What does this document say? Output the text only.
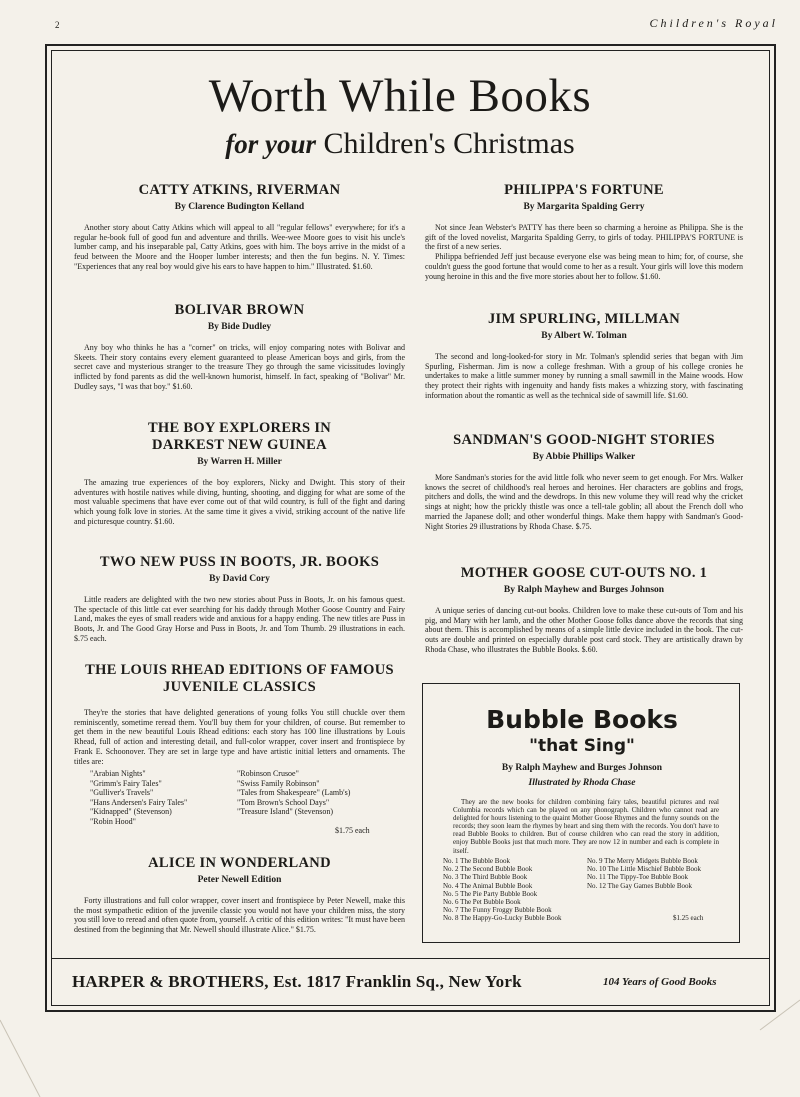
2	Children's Royal
Worth While Books
for your Children's Christmas
CATTY ATKINS, RIVERMAN
By Clarence Budington Kelland

Another story about Catty Atkins which will appeal to all "regular fellows" everywhere; for it's a regular he-book full of good fun and adventure and thrills. Wee-wee Moore goes to visit his uncle's lumber camp, and his inseparable pal, Catty Atkins, goes with him. The boys arrive in the midst of a feud between the Moore and the Hooper lumber interests; and then the fun begins. N. Y. Times: "Experiences that any real boy would give his ears to have happen to him." Illustrated. $1.60.

BOLIVAR BROWN
By Bide Dudley

Any boy who thinks he has a "corner" on tricks, will enjoy comparing notes with Bolivar and Skeets. Their story contains every element guaranteed to please American boys and girls, from the secret cave and mysterious stranger to the treasure They go through the same vicissitudes lovingly inflicted by fond parents as did the well-known humorist, himself. In fact, speaking of "Bolivar" Mr. Dudley says, "I was that boy." $1.60.

THE BOY EXPLORERS IN DARKEST NEW GUINEA
By Warren H. Miller

The amazing true experiences of the boy explorers, Nicky and Dwight. This story of their adventures with hostile natives while diving, hunting, shooting, and digging for what are some of the most valuable specimens that have ever come out of that wild country, is full of the fight and daring which young folk love in stories. At the same time it gives a vivid, striking account of the native life and picturesque country. $1.60.

TWO NEW PUSS IN BOOTS, JR. BOOKS
By David Cory

Little readers are delighted with the two new stories about Puss in Boots, Jr. on his famous quest. The spectacle of this little cat ever searching for his daddy through Mother Goose Country and Fairy Land, makes the eyes of small readers wide and anxious for a happy ending. The new titles are Puss in Boots, Jr. and The Good Gray Horse and Puss in Boots, Jr. and Tom Thumb. 29 illustrations in each. $.75 each.

THE LOUIS RHEAD EDITIONS OF FAMOUS JUVENILE CLASSICS

They're the stories that have delighted generations of young folks You still chuckle over them reminiscently, sometime reread them. You'll buy them for your children, of course. But remember to get them in the new beautiful Louis Rhead editions: each story has 100 line illustrations by Louis Rhead, full of action and interesting detail, and full-color wrapper, cover insert and frontispiece by Frank E. Schoonover. They are set in large type and have artistic initial letters and ornaments. The titles are:

"Arabian Nights"
"Grimm's Fairy Tales"
"Gulliver's Travels"
"Hans Andersen's Fairy Tales"
"Kidnapped" (Stevenson)
"Robin Hood"
"Robinson Crusoe"
"Swiss Family Robinson"
"Tales from Shakespeare" (Lamb's)
"Tom Brown's School Days"
"Treasure Island" (Stevenson)
$1.75 each
ALICE IN WONDERLAND
Peter Newell Edition

Forty illustrations and full color wrapper, cover insert and frontispiece by Peter Newell, make this the most sympathetic edition of the juvenile classic you would not have your children miss, the story you still love to reread and often quote from, yourself. A critic of this edition writes: "It must have been destined from the beginning that Mr. Newell should illustrate Alice." $1.75.

PHILIPPA'S FORTUNE
By Margarita Spalding Gerry

Not since Jean Webster's PATTY has there been so charming a heroine as Philippa. She is the gift of the loved novelist, Margarita Spalding Gerry, to girls of today. PHILIPPA'S FORTUNE is the first of a new series.

Philippa befriended Jeff just because everyone else was being mean to him; for, of course, she couldn't guess the good fortune that would come to her as a result. Your girls will love this modern young heroine in this and the five more stories about her to follow. $1.60.

JIM SPURLING, MILLMAN
By Albert W. Tolman

The second and long-looked-for story in Mr. Tolman's splendid series that began with Jim Spurling, Fisherman. Jim is now a college freshman. With a group of his college cronies he undertakes to make a little summer money by running a small sawmill in the Maine woods. How they protect their rights with ingenuity and handy fists makes a whizzing story, with fascinating information about the romantic as well as the technical side of sawmill life. $1.60.

SANDMAN'S GOOD-NIGHT STORIES
By Abbie Phillips Walker

More Sandman's stories for the avid little folk who never seem to get enough. For Mrs. Walker knows the secret of childhood's real heroes and heroines. Her characters are goblins and frogs, pitchers and dolls, the wind and the dewdrops. In this new volume they will read why the cricket sings at night; how the prickly thistle was once a tell-tale goblin; all about the French doll who married the Japanese doll; and other wonderful things. Make them happy with Sandman's Good-Night Stories 29 illustrations by Rhoda Chase. $.75.

MOTHER GOOSE CUT-OUTS NO. 1
By Ralph Mayhew and Burges Johnson

A unique series of dancing cut-out books. Children love to make these cut-outs of Tom and his pig, and Mary with her lamb, and the other Mother Goose folks dance above the records that sing about them. This is accomplished by means of a simple little device included in the book. The cut-outs are double and printed on especially durable post card stock. They are artistically drawn by Rhoda Chase, who illustrates the Bubble Books. $.60.

Bubble Books
"that Sing"
By Ralph Mayhew and Burges Johnson
Illustrated by Rhoda Chase

They are the new books for children combining fairy tales, beautiful pictures and real Columbia records which can be played on any phonograph. Children who cannot read are delighted for hours listening to the quaint Mother Goose Rhymes and the funny sounds on the records; they soon learn the rhymes by heart and sing them with the records. You don't have to read Bubble Books to children. But of course children who can read the story in addition, enjoy Bubble Books just that much more. They are now 12 in number and each is complete in itself.

No. 1 The Bubble Book
No. 2 The Second Bubble Book
No. 3 The Third Bubble Book
No. 4 The Animal Bubble Book
No. 5 The Pie Party Bubble Book
No. 6 The Pet Bubble Book
No. 7 The Funny Froggy Bubble Book
No. 8 The Happy-Go-Lucky Bubble Book
No. 9 The Merry Midgets Bubble Book
No. 10 The Little Mischief Bubble Book
No. 11 The Tippy-Toe Bubble Book
No. 12 The Gay Games Bubble Book
$1.25 each
HARPER & BROTHERS, Est. 1817 Franklin Sq., New York	104 Years of Good Books
